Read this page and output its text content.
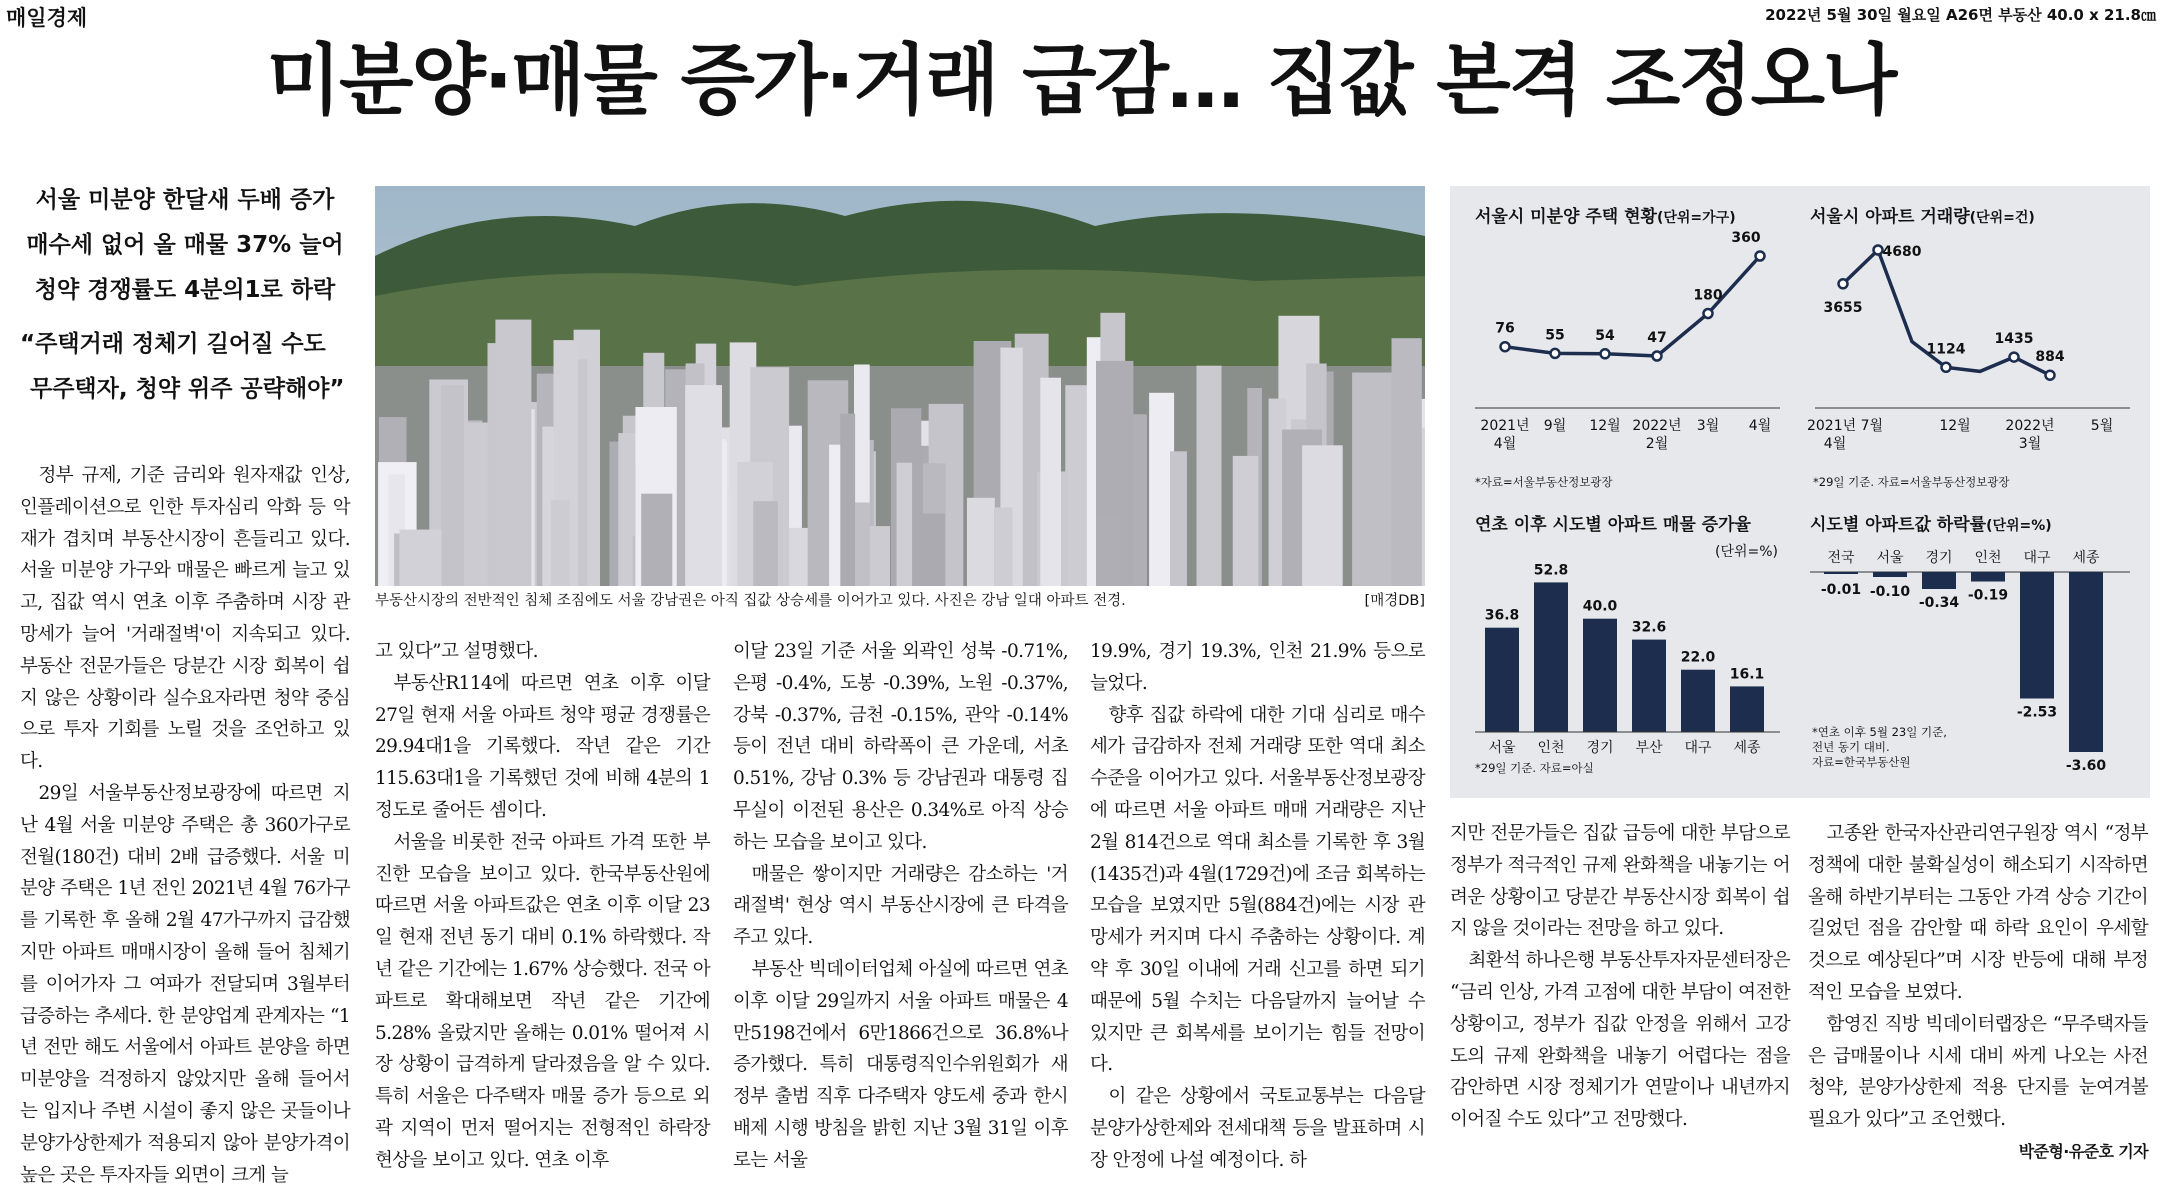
매일경제	2022년 5월 30일 월요일 A26면 부동산 40.0 x 21.8㎝
미분양·매물 증가·거래 급감… 집값 본격 조정오나
서울 미분양 한달새 두배 증가
매수세 없어 올 매물 37% 늘어
청약 경쟁률도 4분의1로 하락
“주택거래 정체기 길어질 수도
무주택자, 청약 위주 공략해야”

정부 규제, 기준 금리와 원자재값 인상, 인플레이션으로 인한 투자심리 악화 등 악재가 겹치며 부동산시장이 흔들리고 있다. 서울 미분양 가구와 매물은 빠르게 늘고 있고, 집값 역시 연초 이후 주춤하며 시장 관망세가 늘어 '거래절벽'이 지속되고 있다. 부동산 전문가들은 당분간 시장 회복이 쉽지 않은 상황이라 실수요자라면 청약 중심으로 투자 기회를 노릴 것을 조언하고 있다.

29일 서울부동산정보광장에 따르면 지난 4월 서울 미분양 주택은 총 360가구로 전월(180건) 대비 2배 급증했다. 서울 미분양 주택은 1년 전인 2021년 4월 76가구를 기록한 후 올해 2월 47가구까지 급감했지만 아파트 매매시장이 올해 들어 침체기를 이어가자 그 여파가 전달되며 3월부터 급증하는 추세다. 한 분양업계 관계자는 “1년 전만 해도 서울에서 아파트 분양을 하면 미분양을 걱정하지 않았지만 올해 들어서는 입지나 주변 시설이 좋지 않은 곳들이나 분양가상한제가 적용되지 않아 분양가격이 높은 곳은 투자자들 외면이 크게 늘

부동산시장의 전반적인 침체 조짐에도 서울 강남권은 아직 집값 상승세를 이어가고 있다. 사진은 강남 일대 아파트 전경.	[매경DB]

고 있다”고 설명했다.

부동산R114에 따르면 연초 이후 이달 27일 현재 서울 아파트 청약 평균 경쟁률은 29.94대1을 기록했다. 작년 같은 기간 115.63대1을 기록했던 것에 비해 4분의 1 정도로 줄어든 셈이다.

서울을 비롯한 전국 아파트 가격 또한 부진한 모습을 보이고 있다. 한국부동산원에 따르면 서울 아파트값은 연초 이후 이달 23일 현재 전년 동기 대비 0.1% 하락했다. 작년 같은 기간에는 1.67% 상승했다. 전국 아파트로 확대해보면 작년 같은 기간에 5.28% 올랐지만 올해는 0.01% 떨어져 시장 상황이 급격하게 달라졌음을 알 수 있다. 특히 서울은 다주택자 매물 증가 등으로 외곽 지역이 먼저 떨어지는 전형적인 하락장 현상을 보이고 있다. 연초 이후

이달 23일 기준 서울 외곽인 성북 -0.71%, 은평 -0.4%, 도봉 -0.39%, 노원 -0.37%, 강북 -0.37%, 금천 -0.15%, 관악 -0.14% 등이 전년 대비 하락폭이 큰 가운데, 서초 0.51%, 강남 0.3% 등 강남권과 대통령 집무실이 이전된 용산은 0.34%로 아직 상승하는 모습을 보이고 있다.

매물은 쌓이지만 거래량은 감소하는 '거래절벽' 현상 역시 부동산시장에 큰 타격을 주고 있다.

부동산 빅데이터업체 아실에 따르면 연초 이후 이달 29일까지 서울 아파트 매물은 4만5198건에서 6만1866건으로 36.8%나 증가했다. 특히 대통령직인수위원회가 새 정부 출범 직후 다주택자 양도세 중과 한시 배제 시행 방침을 밝힌 지난 3월 31일 이후로는 서울

19.9%, 경기 19.3%, 인천 21.9% 등으로 늘었다.

향후 집값 하락에 대한 기대 심리로 매수세가 급감하자 전체 거래량 또한 역대 최소 수준을 이어가고 있다. 서울부동산정보광장에 따르면 서울 아파트 매매 거래량은 지난 2월 814건으로 역대 최소를 기록한 후 3월(1435건)과 4월(1729건)에 조금 회복하는 모습을 보였지만 5월(884건)에는 시장 관망세가 커지며 다시 주춤하는 상황이다. 계약 후 30일 이내에 거래 신고를 하면 되기 때문에 5월 수치는 다음달까지 늘어날 수 있지만 큰 회복세를 보이기는 힘들 전망이다.

이 같은 상황에서 국토교통부는 다음달 분양가상한제와 전세대책 등을 발표하며 시장 안정에 나설 예정이다. 하

서울시 미분양 주택 현황(단위=가구)
76 55 54 47
180
360
2021년
4월
9월 12월 2022년
2월
3월 4월
*자료=서울부동산정보광장
서울시 아파트 거래량(단위=건)
3655
4680
1124
1435
884
2021년 7월
4월
12월 2022년
3월
5월
*29일 기준. 자료=서울부동산정보광장
연초 이후 시도별 아파트 매물 증가율
(단위=%)
36.8
서울
52.8
인천
40.0
경기
32.6
부산
22.0
대구
16.1
세종
*29일 기준. 자료=아실
시도별 아파트값 하락률(단위=%)
전국
-0.01
서울
-0.10
경기
-0.34
인천
-0.19
대구
-2.53
세종
-3.60
*연초 이후 5월 23일 기준,
전년 동기 대비.
자료=한국부동산원

지만 전문가들은 집값 급등에 대한 부담으로 정부가 적극적인 규제 완화책을 내놓기는 어려운 상황이고 당분간 부동산시장 회복이 쉽지 않을 것이라는 전망을 하고 있다.

최환석 하나은행 부동산투자자문센터장은 “금리 인상, 가격 고점에 대한 부담이 여전한 상황이고, 정부가 집값 안정을 위해서 고강도의 규제 완화책을 내놓기 어렵다는 점을 감안하면 시장 정체기가 연말이나 내년까지 이어질 수도 있다”고 전망했다.

고종완 한국자산관리연구원장 역시 “정부 정책에 대한 불확실성이 해소되기 시작하면 올해 하반기부터는 그동안 가격 상승 기간이 길었던 점을 감안할 때 하락 요인이 우세할 것으로 예상된다”며 시장 반등에 대해 부정적인 모습을 보였다.

함영진 직방 빅데이터랩장은 “무주택자들은 급매물이나 시세 대비 싸게 나오는 사전 청약, 분양가상한제 적용 단지를 눈여겨볼 필요가 있다”고 조언했다.

박준형·유준호 기자
